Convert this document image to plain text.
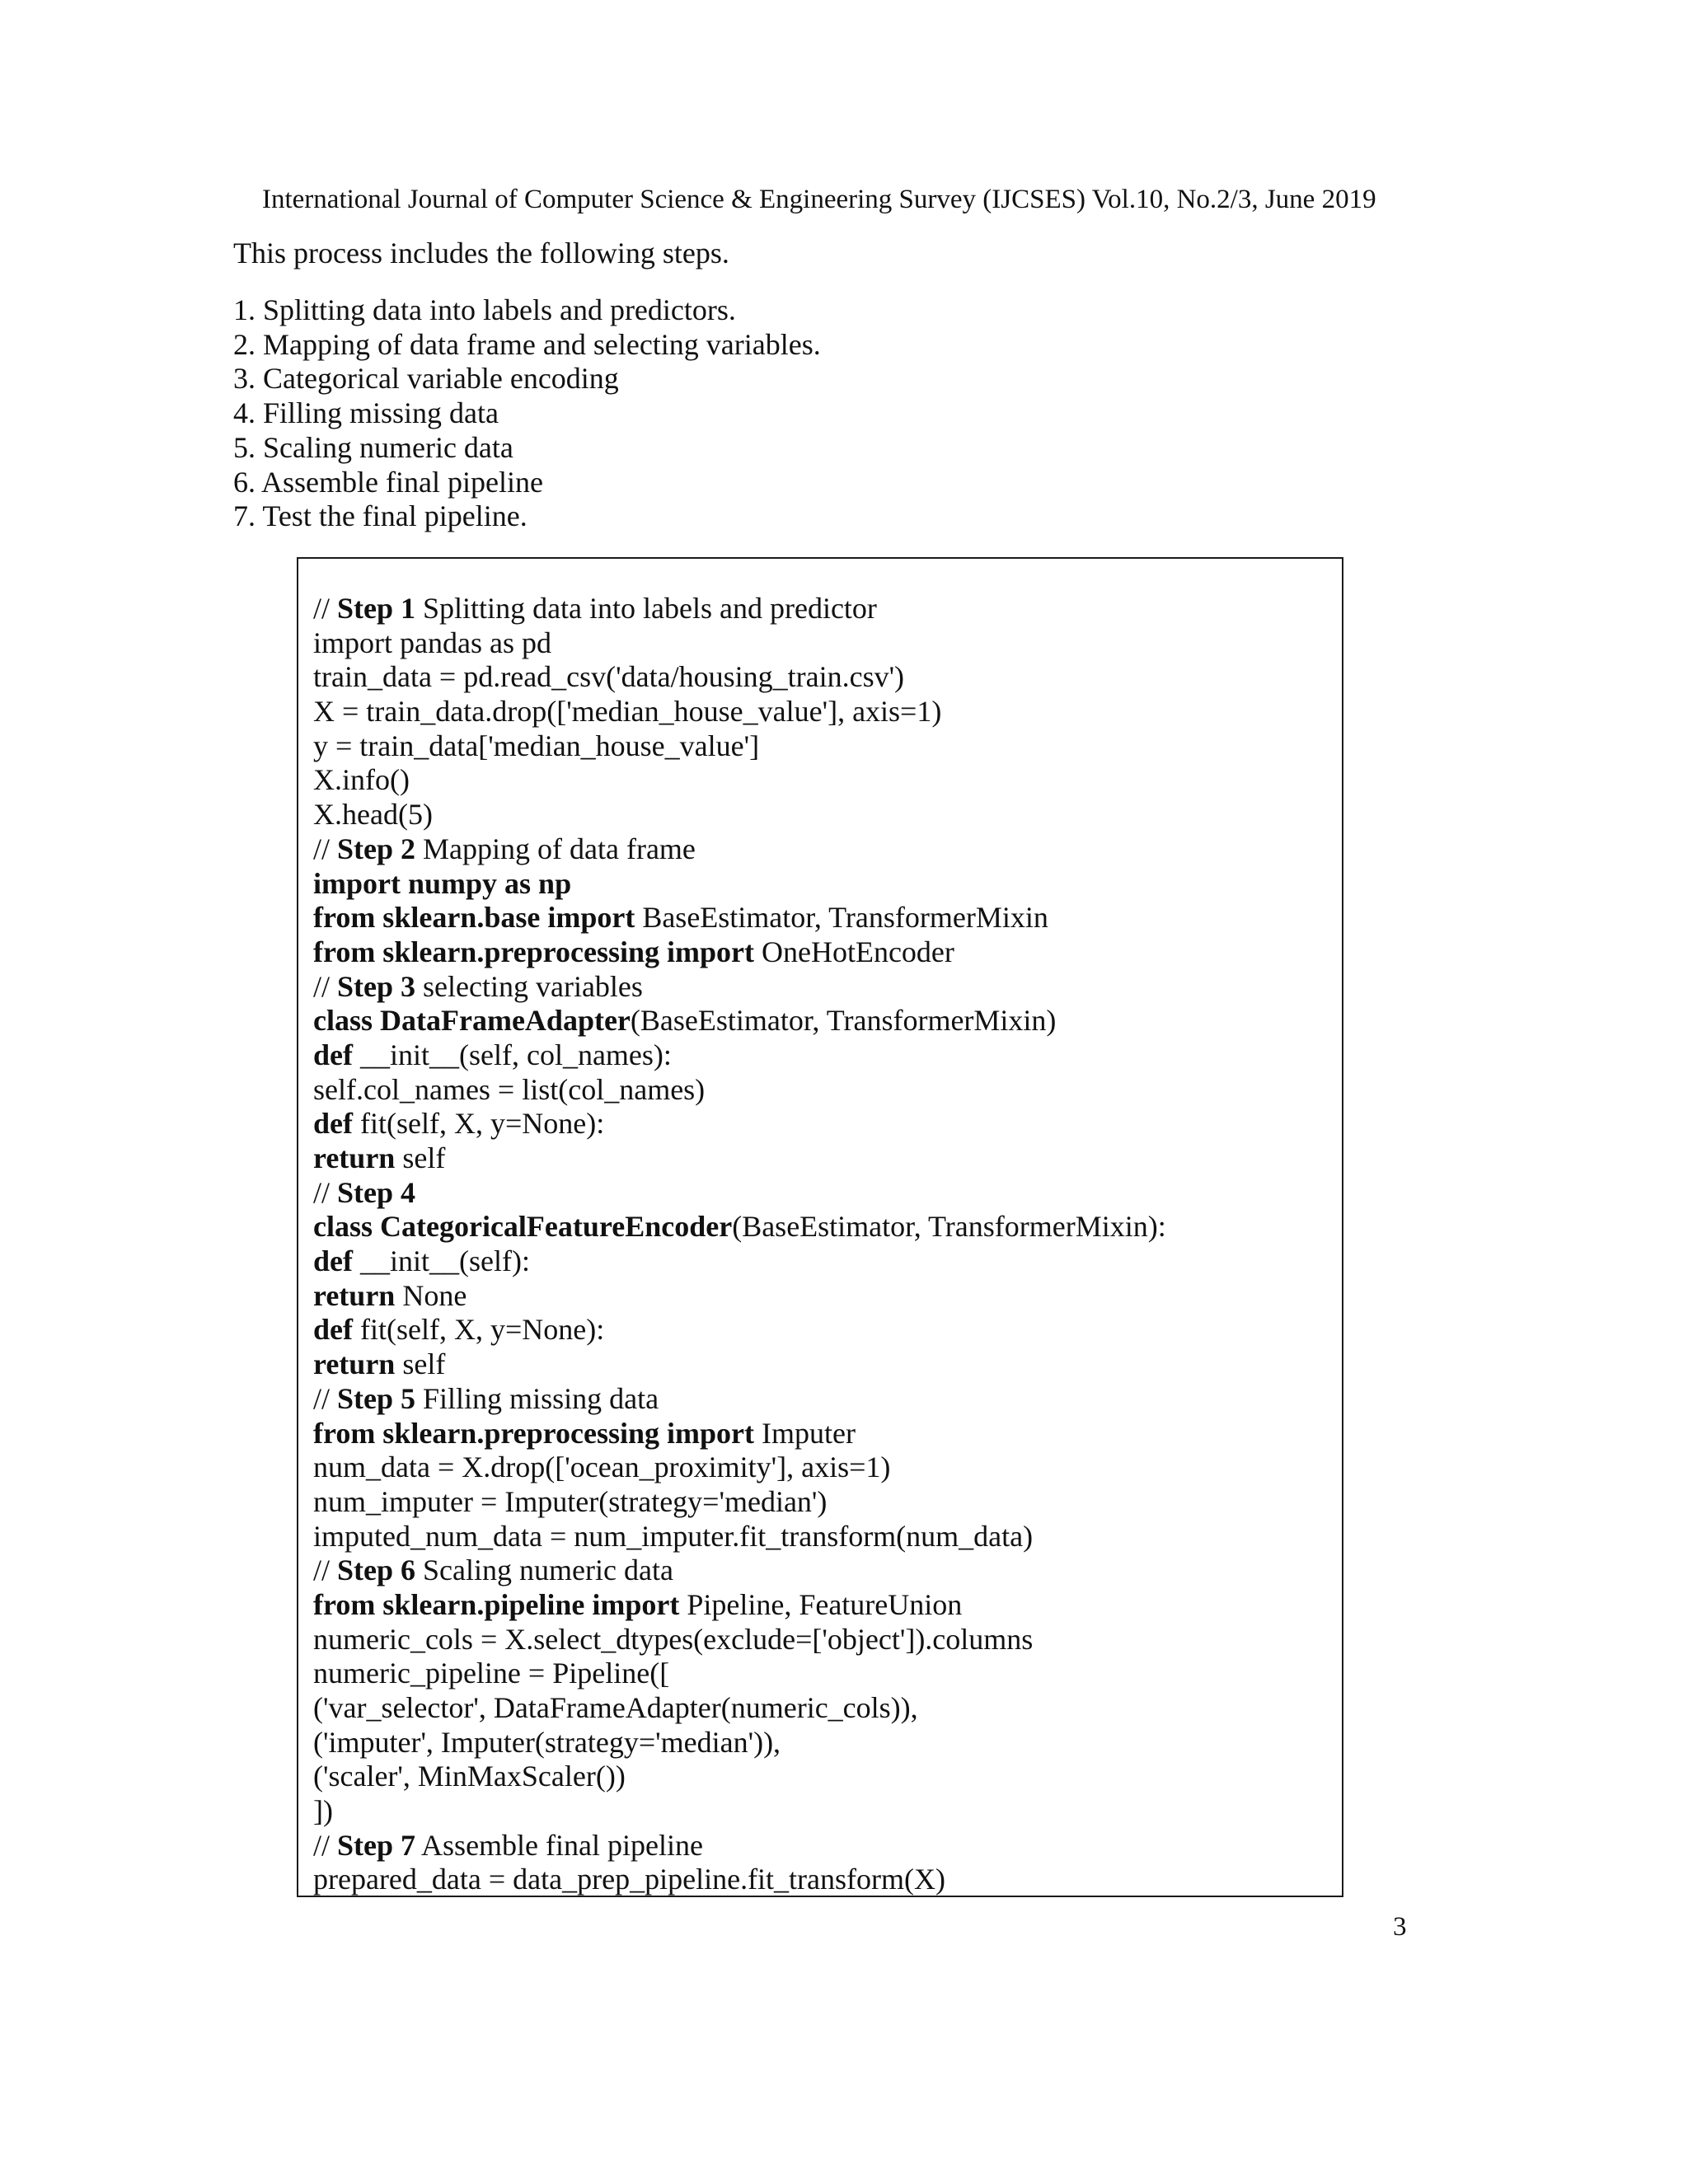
International Journal of Computer Science & Engineering Survey (IJCSES) Vol.10, No.2/3, June 2019
This process includes the following steps.
1. Splitting data into labels and predictors.
2. Mapping of data frame and selecting variables.
3. Categorical variable encoding
4. Filling missing data
5. Scaling numeric data
6. Assemble final pipeline
7. Test the final pipeline.
// Step 1 Splitting data into labels and predictor
import pandas as pd
train_data = pd.read_csv('data/housing_train.csv')
X = train_data.drop(['median_house_value'], axis=1)
y = train_data['median_house_value']
X.info()
X.head(5)
// Step 2 Mapping of data frame
import numpy as np
from sklearn.base import BaseEstimator, TransformerMixin
from sklearn.preprocessing import OneHotEncoder
// Step 3 selecting variables
class DataFrameAdapter(BaseEstimator, TransformerMixin)
def __init__(self, col_names):
self.col_names = list(col_names)
def fit(self, X, y=None):
return self
// Step 4
class CategoricalFeatureEncoder(BaseEstimator, TransformerMixin):
def __init__(self):
return None
def fit(self, X, y=None):
return self
// Step 5 Filling missing data
from sklearn.preprocessing import Imputer
num_data = X.drop(['ocean_proximity'], axis=1)
num_imputer = Imputer(strategy='median')
imputed_num_data = num_imputer.fit_transform(num_data)
// Step 6 Scaling numeric data
from sklearn.pipeline import Pipeline, FeatureUnion
numeric_cols = X.select_dtypes(exclude=['object']).columns
numeric_pipeline = Pipeline([
('var_selector', DataFrameAdapter(numeric_cols)),
('imputer', Imputer(strategy='median')),
('scaler', MinMaxScaler())
])
// Step 7 Assemble final pipeline
prepared_data = data_prep_pipeline.fit_transform(X)
3
